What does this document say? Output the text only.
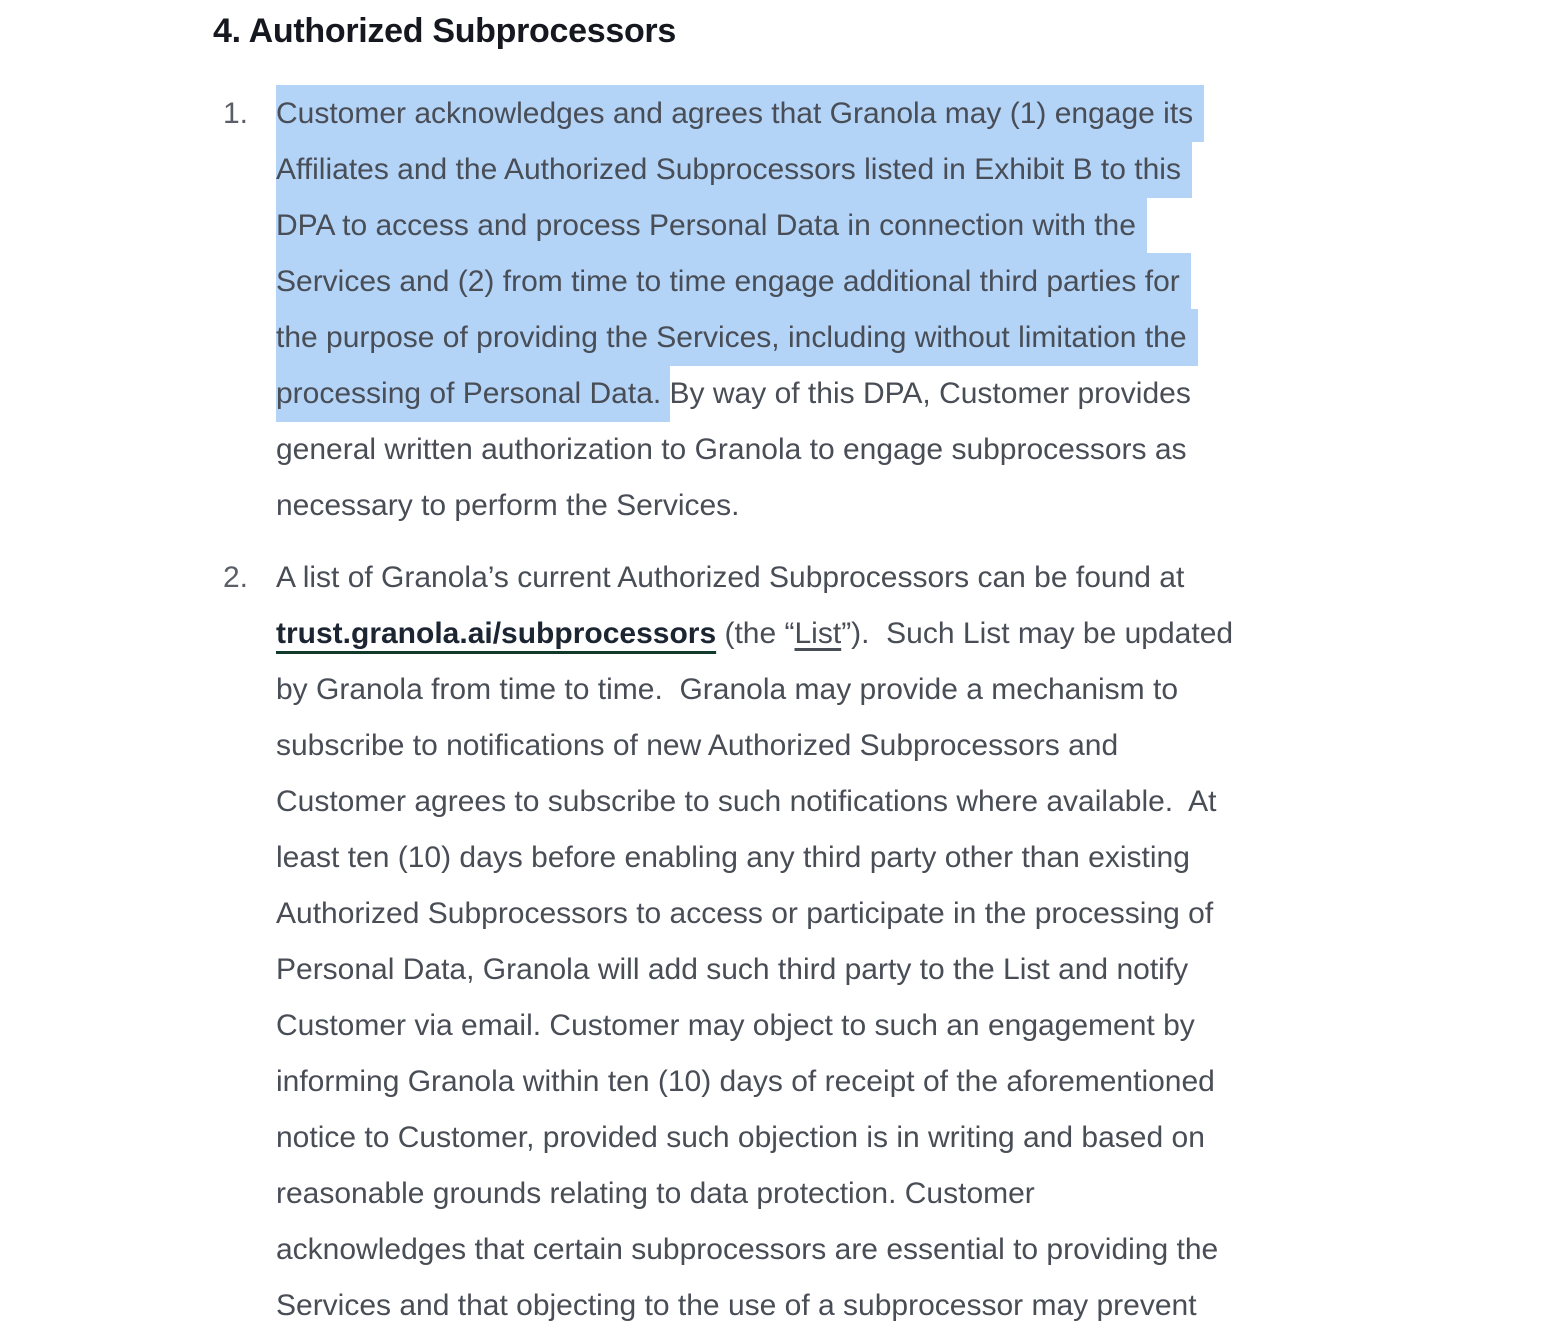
4. Authorized Subprocessors
1. Customer acknowledges and agrees that Granola may (1) engage its
Affiliates and the Authorized Subprocessors listed in Exhibit B to this
DPA to access and process Personal Data in connection with the
Services and (2) from time to time engage additional third parties for
the purpose of providing the Services, including without limitation the
processing of Personal Data. By way of this DPA, Customer provides
general written authorization to Granola to engage subprocessors as
necessary to perform the Services.
2. A list of Granola’s current Authorized Subprocessors can be found at
trust.granola.ai/subprocessors (the “List”).  Such List may be updated
by Granola from time to time.  Granola may provide a mechanism to
subscribe to notifications of new Authorized Subprocessors and
Customer agrees to subscribe to such notifications where available.  At
least ten (10) days before enabling any third party other than existing
Authorized Subprocessors to access or participate in the processing of
Personal Data, Granola will add such third party to the List and notify
Customer via email. Customer may object to such an engagement by
informing Granola within ten (10) days of receipt of the aforementioned
notice to Customer, provided such objection is in writing and based on
reasonable grounds relating to data protection. Customer
acknowledges that certain subprocessors are essential to providing the
Services and that objecting to the use of a subprocessor may prevent
